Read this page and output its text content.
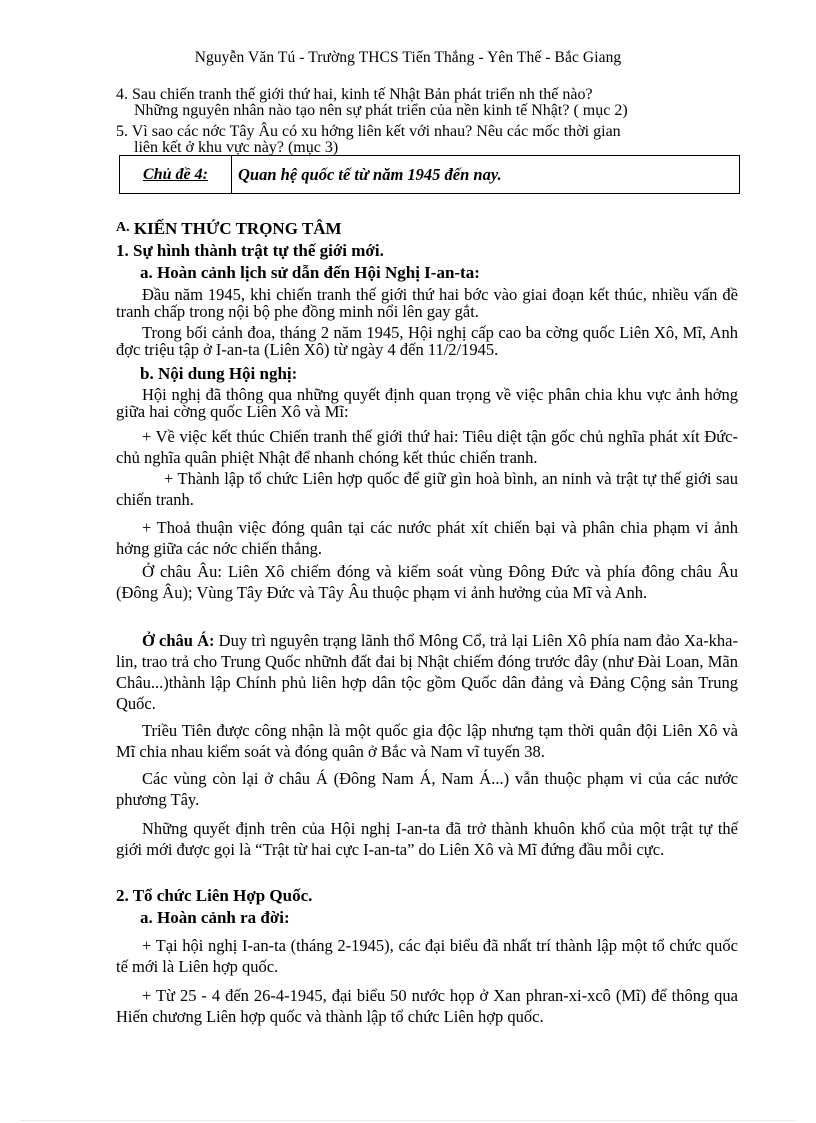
Nguyễn Văn Tú - Trường THCS Tiến Thắng - Yên Thế - Bắc Giang
4. Sau chiến tranh thế giới thứ hai, kinh tế Nhật Bản phát triển nh thế nào?
Những nguyên nhân nào tạo nên sự phát triển của nền kinh tế Nhật? ( mục 2)
5. Vì sao các nớc Tây Âu có xu hớng liên kết với nhau? Nêu các mốc thời gian
liên kết ở khu vực này? (mục 3)
Chủ đề 4:	Quan hệ quốc tế từ năm 1945 đến nay.
A. KIẾN THỨC TRỌNG TÂM
1. Sự hình thành trật tự thế giới mới.
a. Hoàn cảnh lịch sử dẫn đến Hội Nghị I-an-ta:
Đầu năm 1945, khi chiến tranh thế giới thứ hai bớc vào giai đoạn kết thúc, nhiều vấn đề tranh chấp trong nội bộ phe đồng minh nổi lên gay gắt.
Trong bối cảnh đoa, tháng 2 năm 1945, Hội nghị cấp cao ba cờng quốc Liên Xô, Mĩ, Anh đợc triệu tập ở I-an-ta (Liên Xô) từ ngày 4 đến 11/2/1945.
b. Nội dung Hội nghị:
Hội nghị đã thông qua những quyết định quan trọng về việc phân chia khu vực ảnh hởng giữa hai cờng quốc Liên Xô và Mĩ:
+ Về việc kết thúc Chiến tranh thế giới thứ hai: Tiêu diệt tận gốc chủ nghĩa phát xít Đức- chủ nghĩa quân phiệt Nhật để nhanh chóng kết thúc chiến tranh.
+ Thành lập tổ chức Liên hợp quốc để giữ gìn hoà bình, an ninh và trật tự thế giới sau chiến tranh.
+ Thoả thuận việc đóng quân tại các nước phát xít chiến bại và phân chia phạm vi ảnh hởng giữa các nớc chiến thắng.
Ở châu Âu: Liên Xô chiếm đóng và kiểm soát vùng Đông Đức và phía đông châu Âu (Đông Âu); Vùng Tây Đức và Tây Âu thuộc phạm vi ảnh hưởng của Mĩ và Anh.
Ở châu Á: Duy trì nguyên trạng lãnh thổ Mông Cổ, trả lại Liên Xô phía nam đảo Xa-kha-lin, trao trả cho Trung Quốc nhữnh đất đai bị Nhật chiếm đóng trước đây (như Đài Loan, Mãn Châu...)thành lập Chính phủ liên hợp dân tộc gồm Quốc dân đảng và Đảng Cộng sản Trung Quốc.
Triều Tiên được công nhận là một quốc gia độc lập nhưng tạm thời quân đội Liên Xô và Mĩ chia nhau kiểm soát và đóng quân ở Bắc và Nam vĩ tuyến 38.
Các vùng còn lại ở châu Á (Đông Nam Á, Nam Á...) vẫn thuộc phạm vi của các nước phương Tây.
Những quyết định trên của Hội nghị I-an-ta đã trở thành khuôn khổ của một trật tự thế giới mới được gọi là “Trật từ hai cực I-an-ta” do Liên Xô và Mĩ đứng đầu mỗi cực.
2. Tổ chức Liên Hợp Quốc.
a. Hoàn cảnh ra đời:
+ Tại hội nghị I-an-ta (tháng 2-1945), các đại biểu đã nhất trí thành lập một tổ chức quốc tế mới là Liên hợp quốc.
+ Từ 25 - 4 đến 26-4-1945, đại biểu 50 nước họp ở Xan phran-xi-xcô (Mĩ) để thông qua Hiến chương Liên hợp quốc và thành lập tổ chức Liên hợp quốc.
